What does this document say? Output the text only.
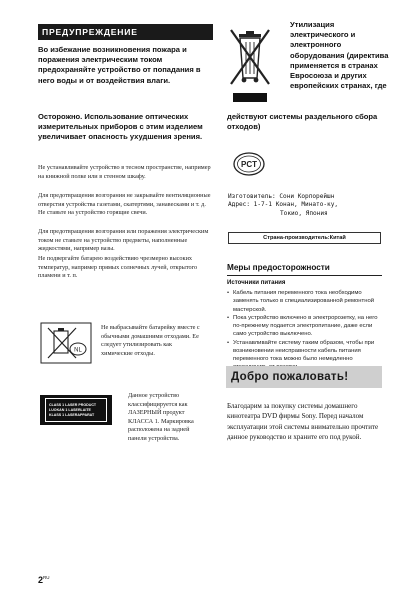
ПРЕДУПРЕЖДЕНИЕ
Во избежание возникновения пожара и поражения электрическим током предохраняйте устройство от попадания в него воды и от воздействия влаги.
Осторожно. Использование оптических измерительных приборов с этим изделием увеличивает опасность ухудшения зрения.
Не устанавливайте устройство в тесном пространстве, например на книжной полке или в стенном шкафу.
Для предотвращения возгорания не закрывайте вентиляционные отверстия устройства газетами, скатертями, занавесками и т. д. Не ставьте на устройство горящие свечи.
Для предотвращения возгорания или поражения электрическим током не ставьте на устройство предметы, наполненные жидкостями, например вазы.
Не подвергайте батарею воздействию чрезмерно высоких температур, например прямых солнечных лучей, открытого пламени и т. п.
NL
Не выбрасывайте батарейку вместе с обычными домашними отходами. Ее следует утилизировать как химические отходы.
CLASS 1 LASER PRODUCT
LUOKAN 1 LASERLAITE
KLASS 1 LASERAPPARAT
Данное устройство классифицируется как ЛАЗЕРНЫЙ продукт КЛАССА 1. Маркировка расположена на задней панели устройства.
Утилизация электрического и электронного оборудования (директива применяется в странах Евросоюза и других европейских странах, где
действуют системы раздельного сбора отходов)
PCT
Изготовитель: Сони Корпорейшн
Адрес: 1-7-1 Конан, Минато-ку,
Токио, Япония
Страна-производитель:Китай
Меры предосторожности
Источники питания
• Кабель питания переменного тока необходимо заменять только в специализированной ремонтной мастерской.
• Пока устройство включено в электророзетку, на него по-прежнему подается электропитание, даже если само устройство выключено.
• Устанавливайте систему таким образом, чтобы при возникновении неисправности кабель питания переменного тока можно было немедленно
Добро пожаловать!
Благодарим за покупку системы домашнего кинотеатра DVD фирмы Sony. Перед началом эксплуатации этой системы внимательно прочтите данное руководство и храните его под рукой.
$2^{RU}$
